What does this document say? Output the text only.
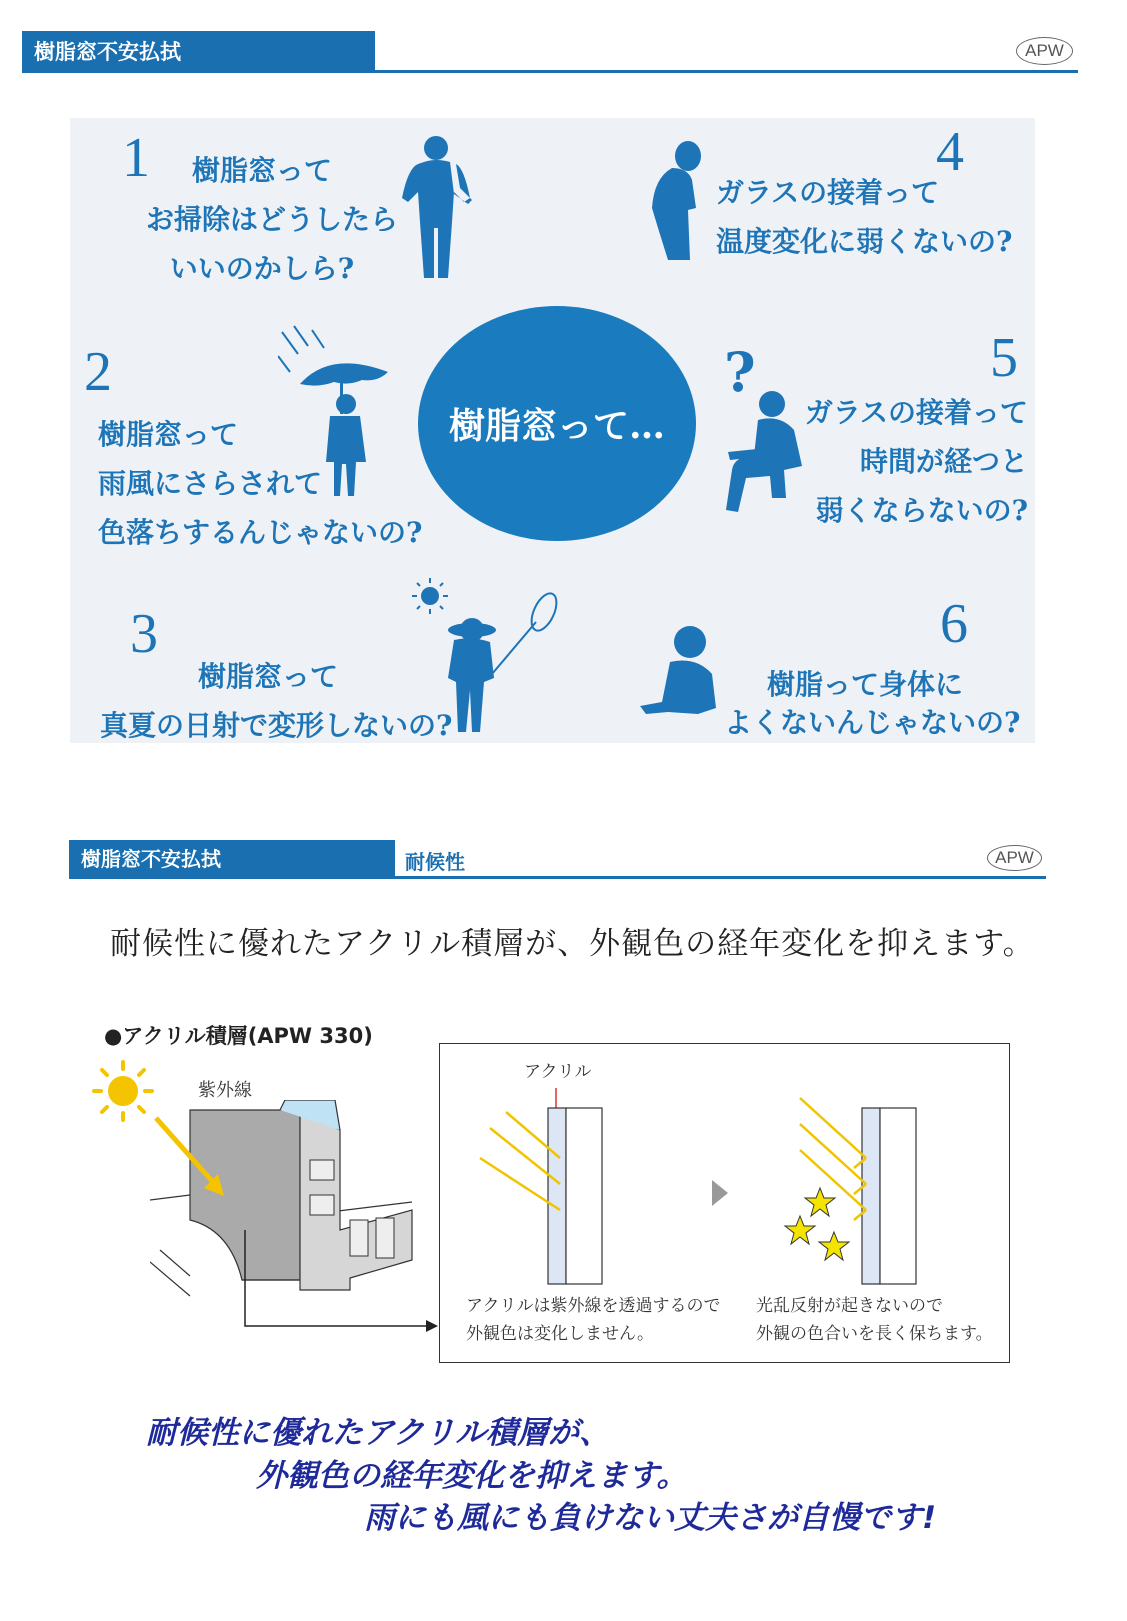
樹脂窓不安払拭	APW
樹脂窓って…
1	樹脂窓って
お掃除はどうしたら
いいのかしら?
2
樹脂窓って
雨風にさらされて
色落ちするんじゃないの?
3
樹脂窓って
真夏の日射で変形しないの?
4
ガラスの接着って
温度変化に弱くないの?
5
ガラスの接着って
時間が経つと
弱くならないの?
?
6
樹脂って身体に
よくないんじゃないの?
樹脂窓不安払拭	耐候性	APW
耐候性に優れたアクリル積層が、外観色の経年変化を抑えます。
●アクリル積層(APW 330)
紫外線
アクリル
アクリルは紫外線を透過するので
外観色は変化しません。
光乱反射が起きないので
外観の色合いを長く保ちます。
耐候性に優れたアクリル積層が、
外観色の経年変化を抑えます。
雨にも風にも負けない丈夫さが自慢です!
